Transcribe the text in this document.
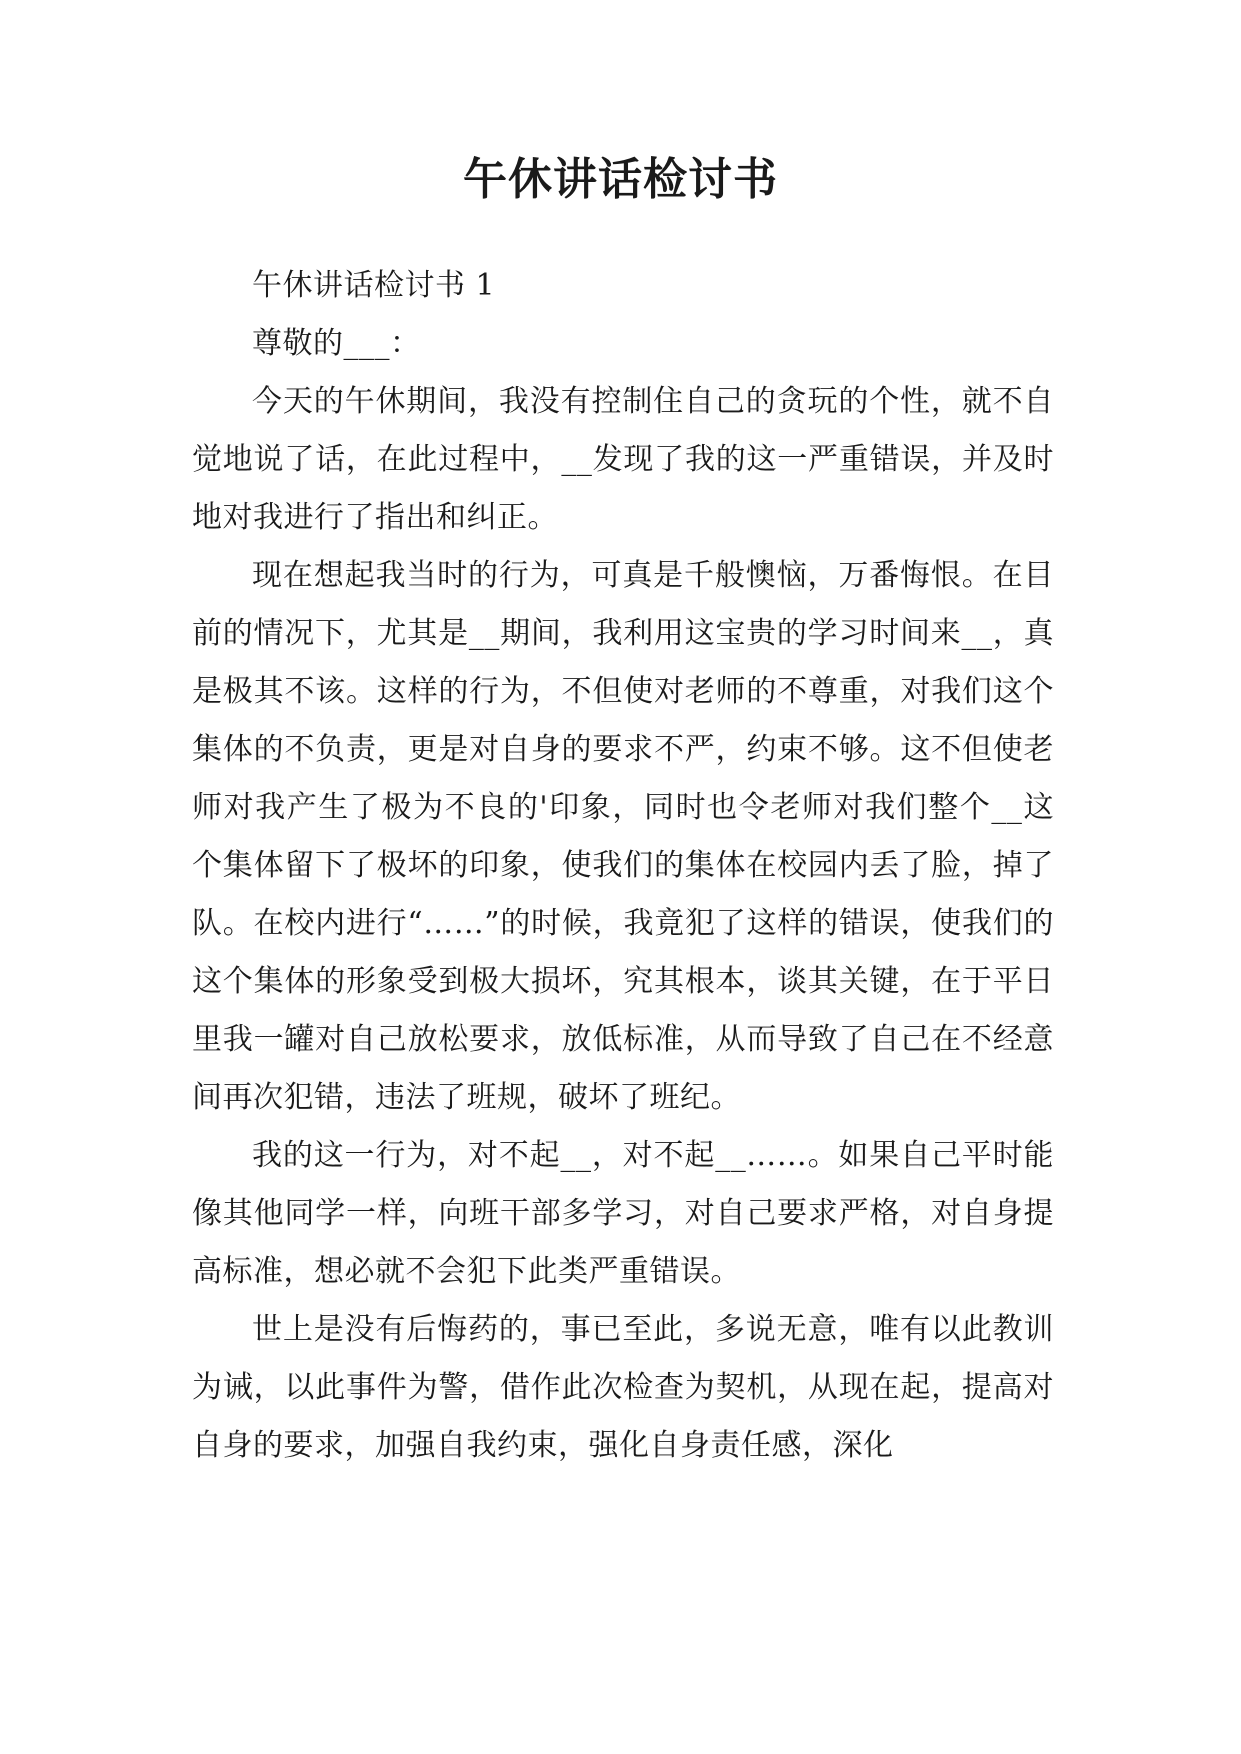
午休讲话检讨书

午休讲话检讨书 1

尊敬的___：

今天的午休期间，我没有控制住自己的贪玩的个性，就不自觉地说了话，在此过程中，__发现了我的这一严重错误，并及时地对我进行了指出和纠正。

现在想起我当时的行为，可真是千般懊恼，万番悔恨。在目前的情况下，尤其是__期间，我利用这宝贵的学习时间来__，真是极其不该。这样的行为，不但使对老师的不尊重，对我们这个集体的不负责，更是对自身的要求不严，约束不够。这不但使老师对我产生了极为不良的'印象，同时也令老师对我们整个__这个集体留下了极坏的印象，使我们的集体在校园内丢了脸，掉了队。在校内进行“……”的时候，我竟犯了这样的错误，使我们的这个集体的形象受到极大损坏，究其根本，谈其关键，在于平日里我一罐对自己放松要求，放低标准，从而导致了自己在不经意间再次犯错，违法了班规，破坏了班纪。

我的这一行为，对不起__，对不起__……。如果自己平时能像其他同学一样，向班干部多学习，对自己要求严格，对自身提高标准，想必就不会犯下此类严重错误。

世上是没有后悔药的，事已至此，多说无意，唯有以此教训为诫，以此事件为警，借作此次检查为契机，从现在起，提高对自身的要求，加强自我约束，强化自身责任感，深化
